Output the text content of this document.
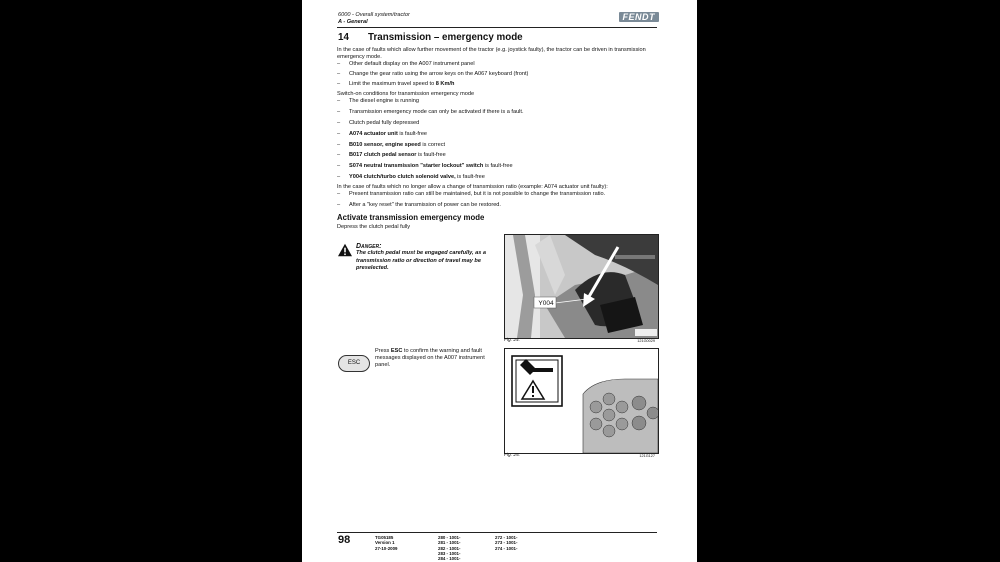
6000 - Overall system/tractor
A - General	FENDT
14 Transmission – emergency mode

In the case of faults which allow further movement of the tractor (e.g. joystick faulty), the tractor can be driven in transmission emergency mode.

– Other default display on the A007 instrument panel
– Change the gear ratio using the arrow keys on the A067 keyboard (front)
– Limit the maximum travel speed to 8 Km/h

Switch-on conditions for transmission emergency mode

– The diesel engine is running
– Transmission emergency mode can only be activated if there is a fault.
– Clutch pedal fully depressed
– A074 actuator unit is fault-free
– B010 sensor, engine speed is correct
– B017 clutch pedal sensor is fault-free
– S074 neutral transmission "starter lockout" switch is fault-free
– Y004 clutch/turbo clutch solenoid valve, is fault-free

In the case of faults which no longer allow a change of transmission ratio (example: A074 actuator unit faulty):

– Present transmission ratio can still be maintained, but it is not possible to change the transmission ratio.
– After a "key reset" the transmission of power can be restored.
Activate transmission emergency mode

Depress the clutch pedal fully

Danger:
The clutch pedal must be engaged carefully, as a transmission ratio or direction of travel may be preselected.
Y004
Fig. 24.	121G0029
ESC
Press ESC to confirm the warning and fault messages displayed on the A007 instrument panel.
Fig. 25.	121G127
98	TG05185
Version 1
27-10-2009
280 - 1001-
281 - 1001-
282 - 1001-
283 - 1001-
284 - 1001-
272 - 1001-
273 - 1001-
274 - 1001-
